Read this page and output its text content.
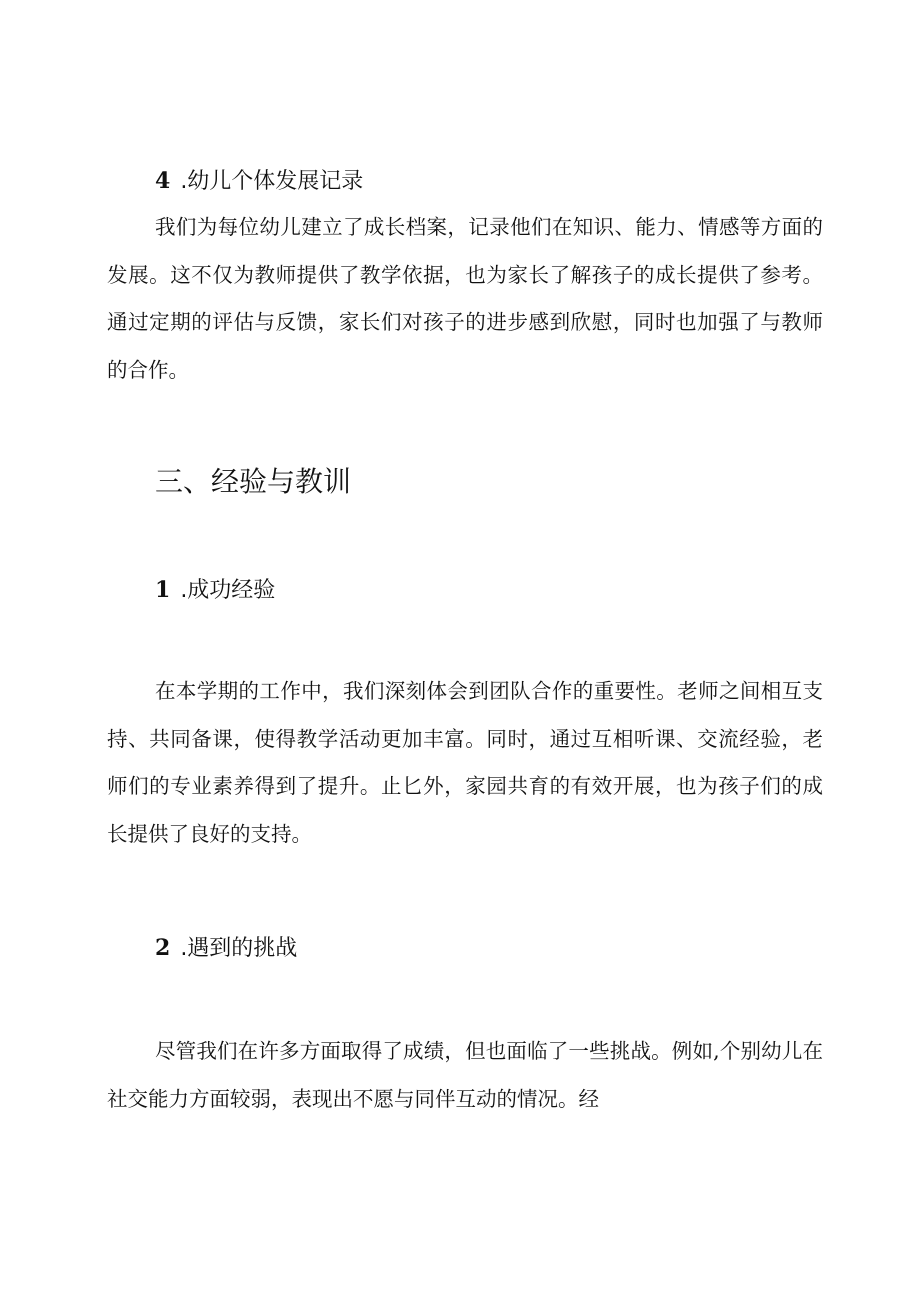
4 .幼儿个体发展记录

我们为每位幼儿建立了成长档案，记录他们在知识、能力、情感等方面的发展。这不仅为教师提供了教学依据，也为家长了解孩子的成长提供了参考。通过定期的评估与反馈，家长们对孩子的进步感到欣慰，同时也加强了与教师的合作。

三、经验与教训
1 .成功经验

在本学期的工作中，我们深刻体会到团队合作的重要性。老师之间相互支持、共同备课，使得教学活动更加丰富。同时，通过互相听课、交流经验，老师们的专业素养得到了提升。止匕外，家园共育的有效开展，也为孩子们的成长提供了良好的支持。

2 .遇到的挑战

尽管我们在许多方面取得了成绩，但也面临了一些挑战。例如,个别幼儿在社交能力方面较弱，表现出不愿与同伴互动的情况。经
